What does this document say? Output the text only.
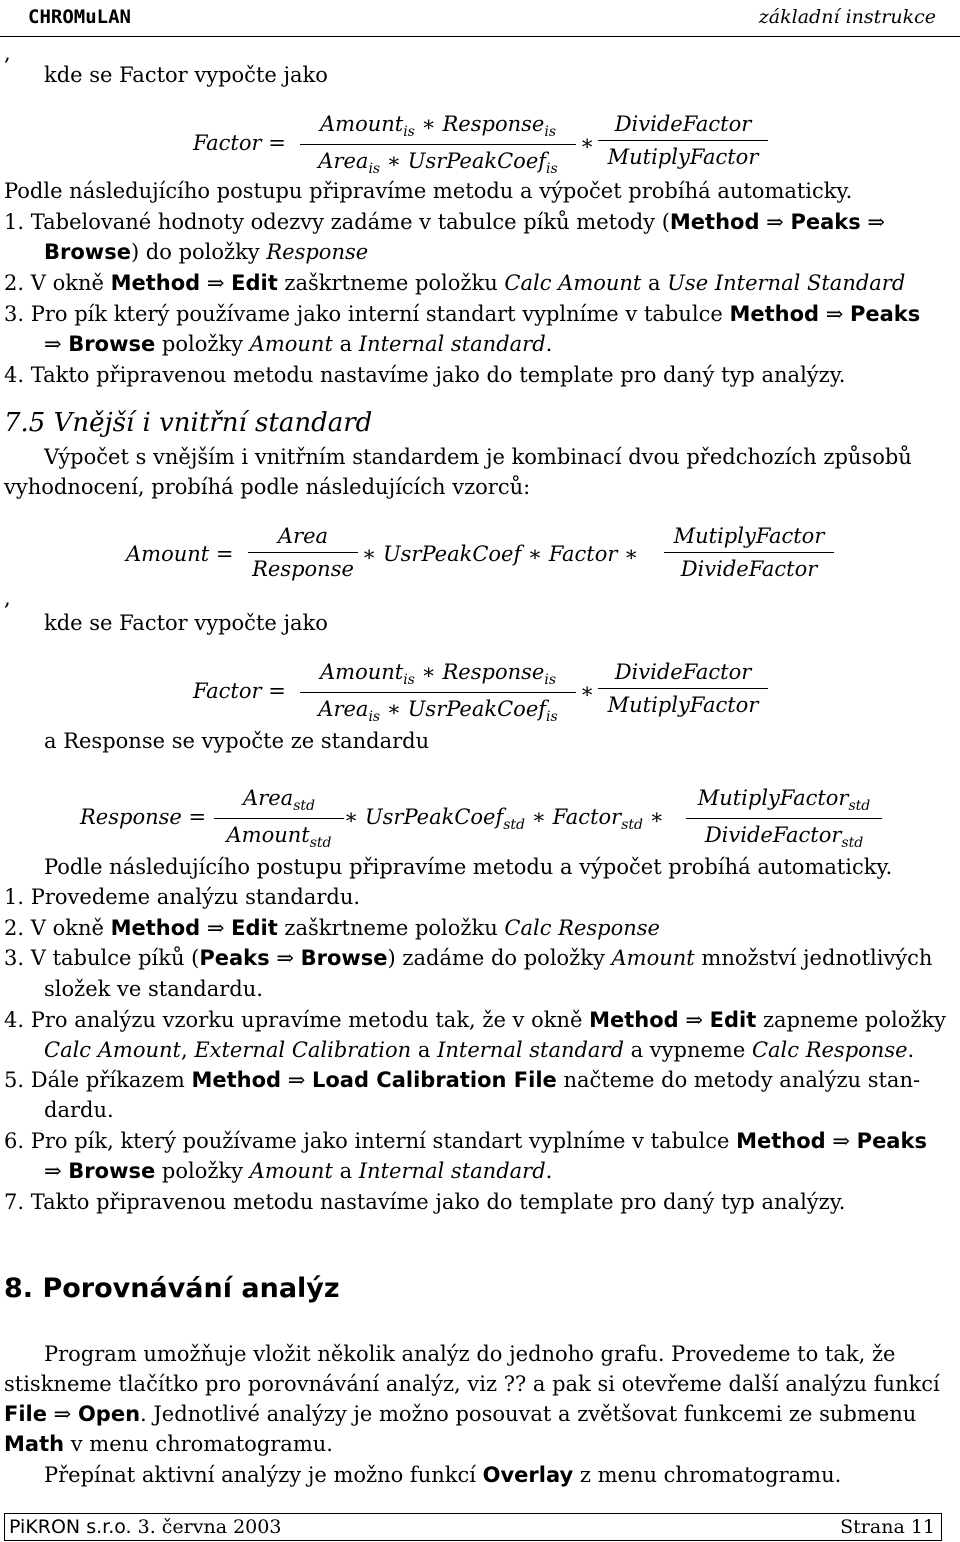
CHROMuLAN	základní instrukce
,
kde se Factor vypočte jako
Factor =
Amount$_{is}$ ∗ Response$_{is}$
Area$_{is}$ ∗ UsrPeakCoef$_{is}$
∗
DivideFactor
MutiplyFactor
Podle následujícího postupu připravíme metodu a výpočet probíhá automaticky.
1. Tabelované hodnoty odezvy zadáme v tabulce píků metody (Method ⇒ Peaks ⇒
Browse) do položky Response
2. V okně Method ⇒ Edit zaškrtneme položku Calc Amount a Use Internal Standard
3. Pro pík který používame jako interní standart vyplníme v tabulce Method ⇒ Peaks
⇒ Browse položky Amount a Internal standard.
4. Takto připravenou metodu nastavíme jako do template pro daný typ analýzy.
7.5 Vnější i vnitřní standard
Výpočet s vnějším i vnitřním standardem je kombinací dvou předchozích způsobů
vyhodnocení, probíhá podle následujících vzorců:
Amount =
Area
Response
∗ UsrPeakCoef ∗ Factor ∗
MutiplyFactor
DivideFactor
,
kde se Factor vypočte jako
Factor =
Amount$_{is}$ ∗ Response$_{is}$
Area$_{is}$ ∗ UsrPeakCoef$_{is}$
∗
DivideFactor
MutiplyFactor
a Response se vypočte ze standardu
Response =
Area$_{std}$
Amount$_{std}$
∗ UsrPeakCoef$_{std}$ ∗ Factor$_{std}$ ∗
MutiplyFactor$_{std}$
DivideFactor$_{std}$
Podle následujícího postupu připravíme metodu a výpočet probíhá automaticky.
1. Provedeme analýzu standardu.
2. V okně Method ⇒ Edit zaškrtneme položku Calc Response
3. V tabulce píků (Peaks ⇒ Browse) zadáme do položky Amount množství jednotlivých
složek ve standardu.
4. Pro analýzu vzorku upravíme metodu tak, že v okně Method ⇒ Edit zapneme položky
Calc Amount, External Calibration a Internal standard a vypneme Calc Response.
5. Dále příkazem Method ⇒ Load Calibration File načteme do metody analýzu stan-
dardu.
6. Pro pík, který používame jako interní standart vyplníme v tabulce Method ⇒ Peaks
⇒ Browse položky Amount a Internal standard.
7. Takto připravenou metodu nastavíme jako do template pro daný typ analýzy.
8. Porovnávání analýz
Program umožňuje vložit několik analýz do jednoho grafu. Provedeme to tak, že
stiskneme tlačítko pro porovnávání analýz, viz ?? a pak si otevřeme další analýzu funkcí
File ⇒ Open. Jednotlivé analýzy je možno posouvat a zvětšovat funkcemi ze submenu
Math v menu chromatogramu.
Přepínat aktivní analýzy je možno funkcí Overlay z menu chromatogramu.
PiKRON s.r.o. 3. června 2003	Strana 11
